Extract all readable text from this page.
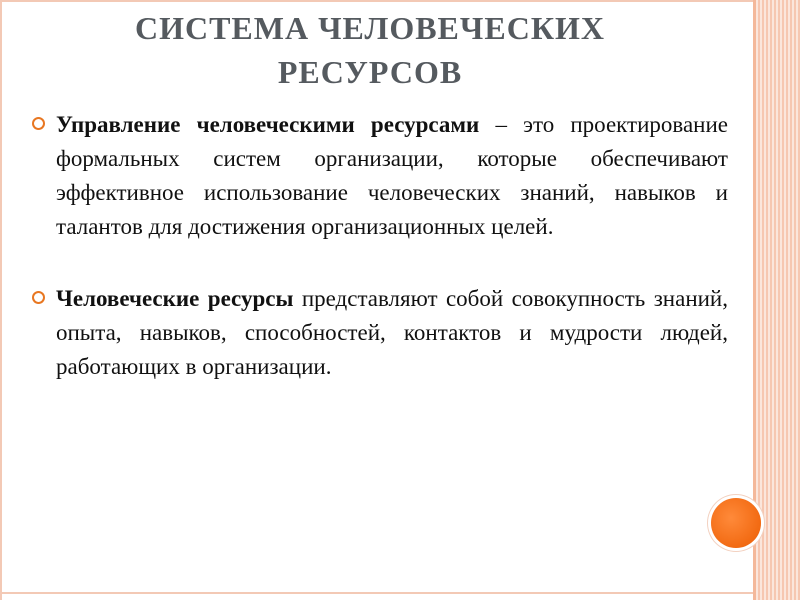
СИСТЕМА ЧЕЛОВЕЧЕСКИХ
РЕСУРСОВ
Управление человеческими ресурсами – это проектирование формальных систем организации, которые обеспечивают эффективное использование человеческих знаний, навыков и талантов для достижения организационных целей.
Человеческие ресурсы представляют собой совокупность знаний, опыта, навыков, способностей, контактов и мудрости людей, работающих в организации.
